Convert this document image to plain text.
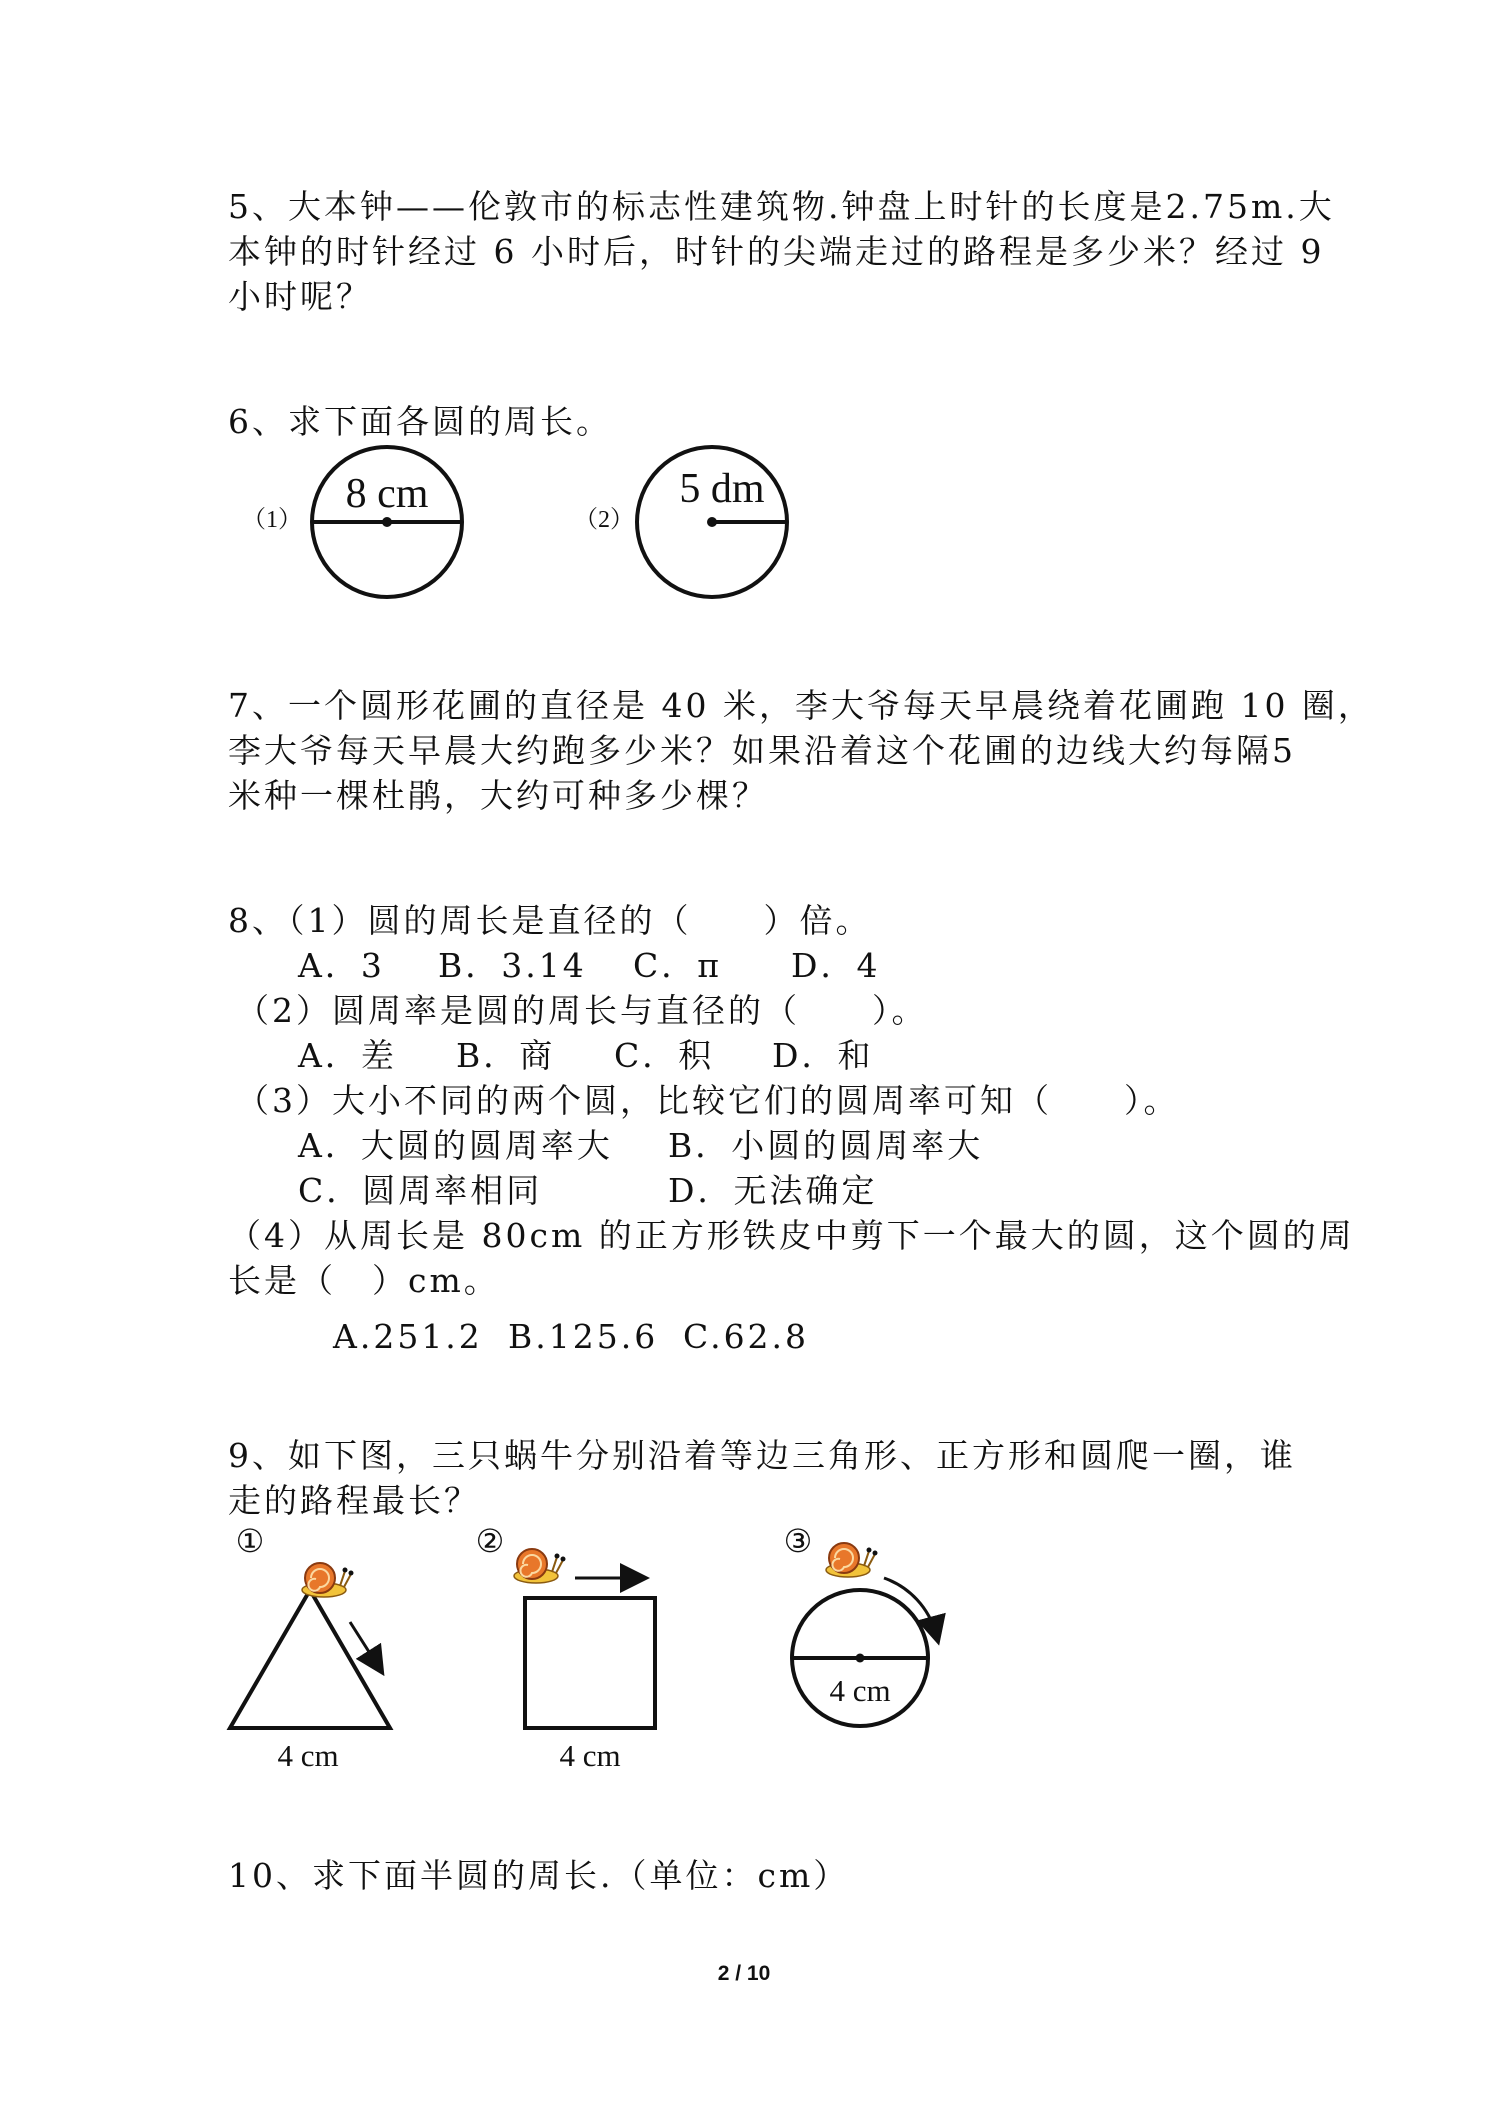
5、大本钟——伦敦市的标志性建筑物.钟盘上时针的长度是2.75m.大
本钟的时针经过 6 小时后，时针的尖端走过的路程是多少米？经过 9
小时呢？
6、求下面各圆的周长。
（1）
8 cm
（2）
5 dm
7、一个圆形花圃的直径是 40 米，李大爷每天早晨绕着花圃跑 10 圈，
李大爷每天早晨大约跑多少米？如果沿着这个花圃的边线大约每隔5
米种一棵杜鹃，大约可种多少棵？
8、（1）圆的周长是直径的（　　）倍。
A．3 B．3.14 C．π D．4
（2）圆周率是圆的周长与直径的（　　）。
A．差 B．商 C．积 D．和
（3）大小不同的两个圆，比较它们的圆周率可知（　　）。
A．大圆的圆周率大 B．小圆的圆周率大
C．圆周率相同	D．无法确定
（4）从周长是 80cm 的正方形铁皮中剪下一个最大的圆，这个圆的周
长是（　）cm。
A.251.2 B.125.6 C.62.8
9、如下图，三只蜗牛分别沿着等边三角形、正方形和圆爬一圈，谁
走的路程最长？
①
4 cm
②
4 cm
③
4 cm
10、求下面半圆的周长.（单位：cm）
2 / 10
